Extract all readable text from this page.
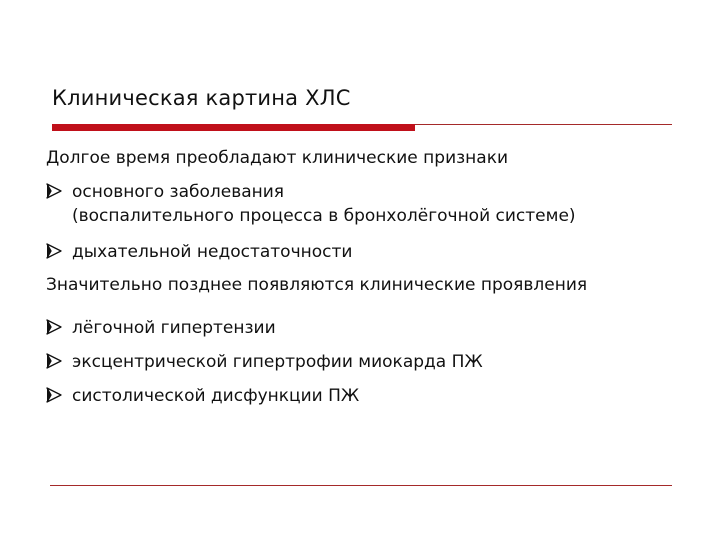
Клиническая картина ХЛС
Долгое время преобладают клинические признаки
основного заболевания
(воспалительного процесса в бронхолёгочной системе)
дыхательной недостаточности
Значительно позднее появляются клинические проявления
лёгочной гипертензии
эксцентрической гипертрофии миокарда ПЖ
систолической дисфункции ПЖ
